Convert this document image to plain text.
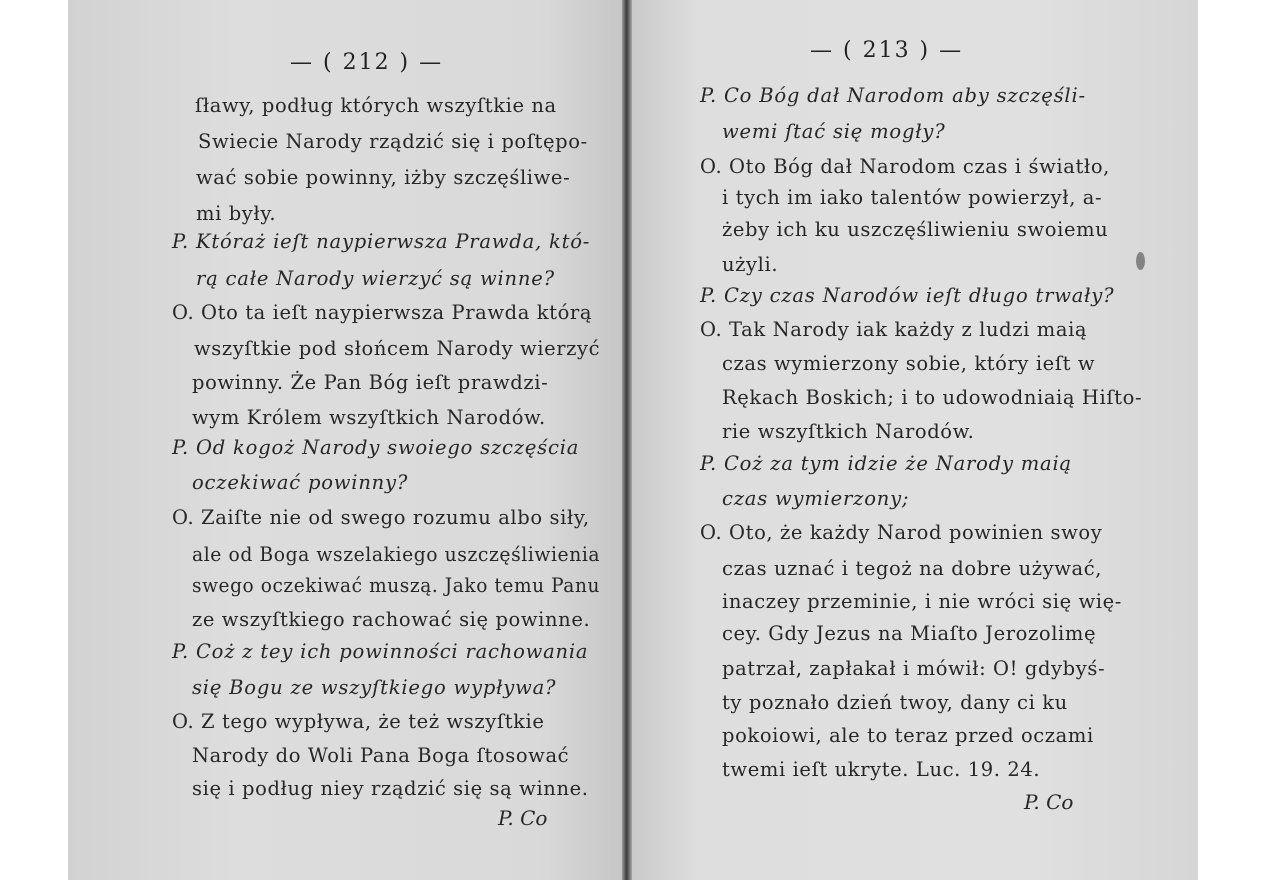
— ( 212 ) —
ſławy, podług których wszyſtkie na
Swiecie Narody rządzić się i poſtępo-
wać sobie powinny, iżby szczęśliwe-
mi były.
P. Któraż ieſt naypierwsza Prawda, któ-
rą całe Narody wierzyć są winne?
O. Oto ta ieſt naypierwsza Prawda którą
wszyſtkie pod słońcem Narody wierzyć
powinny. Że Pan Bóg ieſt prawdzi-
wym Królem wszyſtkich Narodów.
P. Od kogoż Narody swoiego szczęścia
oczekiwać powinny?
O. Zaiſte nie od swego rozumu albo siły,
ale od Boga wszelakiego uszczęśliwienia
swego oczekiwać muszą. Jako temu Panu
ze wszyſtkiego rachować się powinne.
P. Coż z tey ich powinności rachowania
się Bogu ze wszyſtkiego wypływa?
O. Z tego wypływa, że też wszyſtkie
Narody do Woli Pana Boga ſtosować
się i podług niey rządzić się są winne.
P. Co
— ( 213 ) —
P. Co Bóg dał Narodom aby szczęśli-
wemi ſtać się mogły?
O. Oto Bóg dał Narodom czas i światło,
i tych im iako talentów powierzył, a-
żeby ich ku uszczęśliwieniu swoiemu
użyli.
P. Czy czas Narodów ieſt długo trwały?
O. Tak Narody iak każdy z ludzi maią
czas wymierzony sobie, który ieſt w
Rękach Boskich; i to udowodniaią Hiſto-
rie wszyſtkich Narodów.
P. Coż za tym idzie że Narody maią
czas wymierzony;
O. Oto, że każdy Narod powinien swoy
czas uznać i tegoż na dobre używać,
inaczey przeminie, i nie wróci się wię-
cey. Gdy Jezus na Miaſto Jerozolimę
patrzał, zapłakał i mówił: O! gdybyś-
ty poznało dzień twoy, dany ci ku
pokoiowi, ale to teraz przed oczami
twemi ieſt ukryte. Luc. 19. 24.
P. Co
